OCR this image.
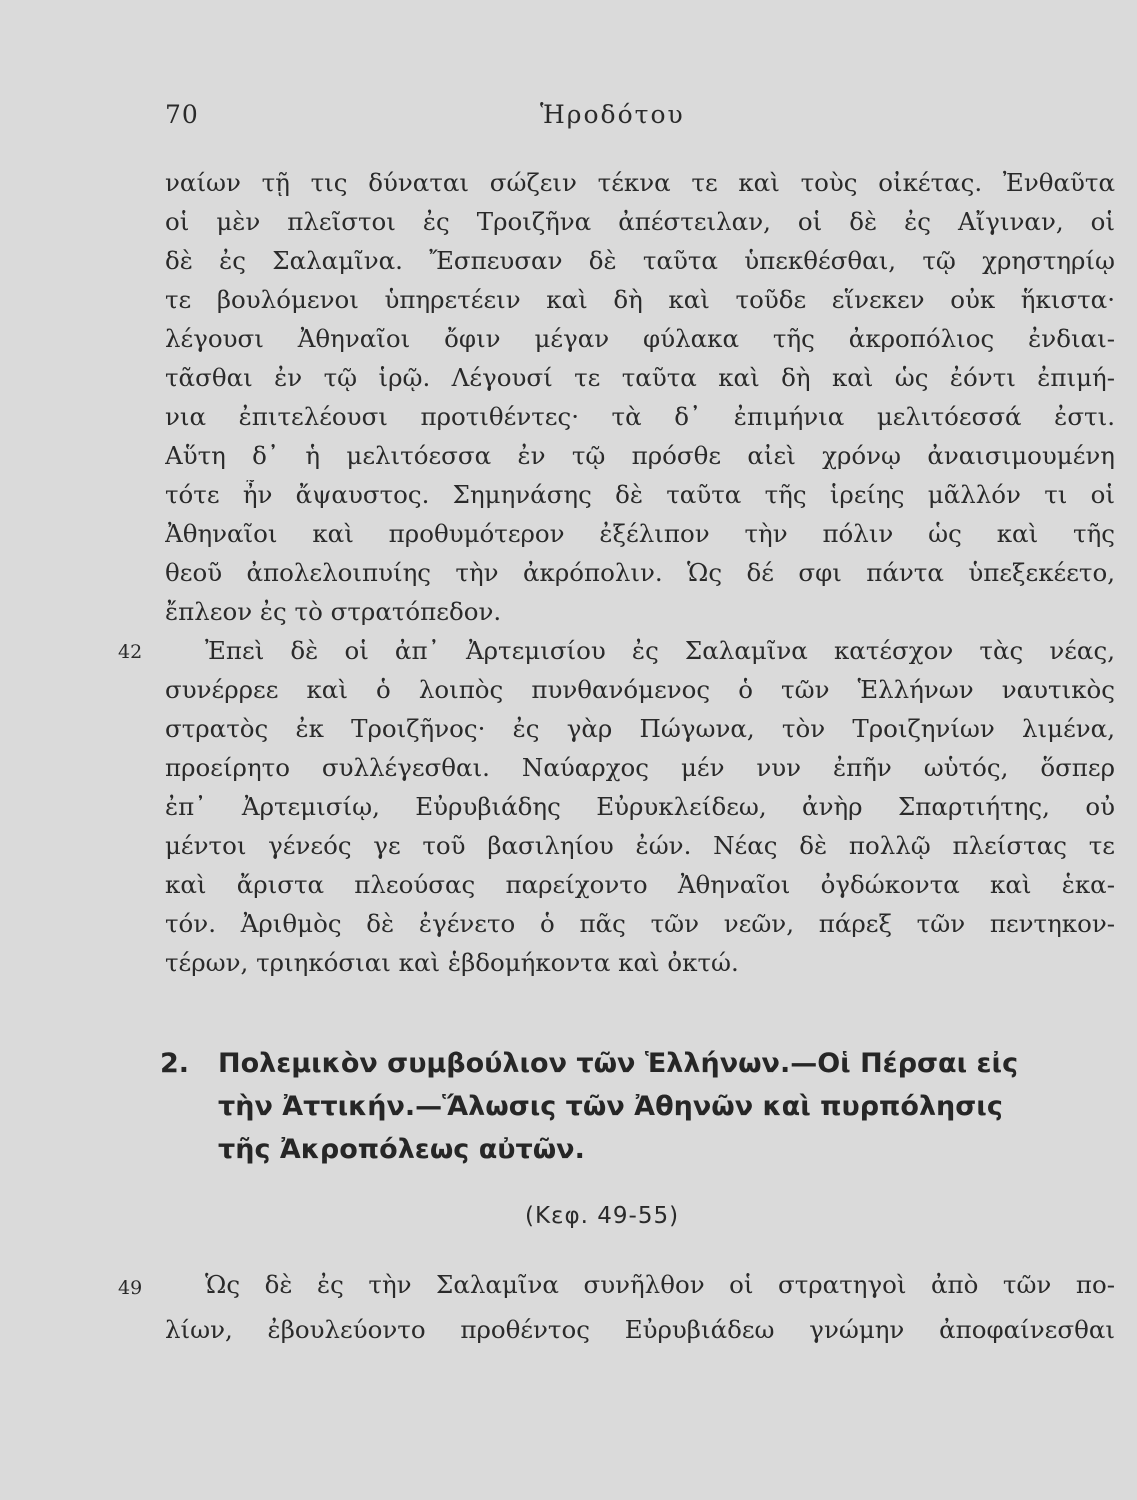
70	Ἡροδότου
ναίων τῇ τις δύναται σώζειν τέκνα τε καὶ τοὺς οἰκέτας. Ἐνθαῦτα
οἱ μὲν πλεῖστοι ἐς Τροιζῆνα ἀπέστειλαν, οἱ δὲ ἐς Αἴγιναν, οἱ
δὲ ἐς Σαλαμῖνα. Ἔσπευσαν δὲ ταῦτα ὑπεκθέσθαι, τῷ χρηστηρίῳ
τε βουλόμενοι ὑπηρετέειν καὶ δὴ καὶ τοῦδε εἵνεκεν οὐκ ἥκιστα·
λέγουσι Ἀθηναῖοι ὄφιν μέγαν φύλακα τῆς ἀκροπόλιος ἐνδιαι-
τᾶσθαι ἐν τῷ ἱρῷ. Λέγουσί τε ταῦτα καὶ δὴ καὶ ὡς ἐόντι ἐπιμή-
νια ἐπιτελέουσι προτιθέντες· τὰ δ᾿ ἐπιμήνια μελιτόεσσά ἐστι.
Αὕτη δ᾿ ἡ μελιτόεσσα ἐν τῷ πρόσθε αἰεὶ χρόνῳ ἀναισιμουμένη
τότε ἦν ἄψαυστος. Σημηνάσης δὲ ταῦτα τῆς ἱρείης μᾶλλόν τι οἱ
Ἀθηναῖοι καὶ προθυμότερον ἐξέλιπον τὴν πόλιν ὡς καὶ τῆς
θεοῦ ἀπολελοιπυίης τὴν ἀκρόπολιν. Ὡς δέ σφι πάντα ὑπεξεκέετο,
ἔπλεον ἐς τὸ στρατόπεδον.
42	Ἐπεὶ δὲ οἱ ἀπ᾿ Ἀρτεμισίου ἐς Σαλαμῖνα κατέσχον τὰς νέας,
συνέρρεε καὶ ὁ λοιπὸς πυνθανόμενος ὁ τῶν Ἑλλήνων ναυτικὸς
στρατὸς ἐκ Τροιζῆνος· ἐς γὰρ Πώγωνα, τὸν Τροιζηνίων λιμένα,
προείρητο συλλέγεσθαι. Ναύαρχος μέν νυν ἐπῆν ωὑτός, ὅσπερ
ἐπ᾿ Ἀρτεμισίῳ, Εὐρυβιάδης Εὐρυκλείδεω, ἀνὴρ Σπαρτιήτης, οὐ
μέντοι γένεός γε τοῦ βασιληίου ἐών. Νέας δὲ πολλῷ πλείστας τε
καὶ ἄριστα πλεούσας παρείχοντο Ἀθηναῖοι ὀγδώκοντα καὶ ἑκα-
τόν. Ἀριθμὸς δὲ ἐγένετο ὁ πᾶς τῶν νεῶν, πάρεξ τῶν πεντηκον-
τέρων, τριηκόσιαι καὶ ἑβδομήκοντα καὶ ὀκτώ.
2. Πολεμικὸν συμβούλιον τῶν Ἑλλήνων.—Οἱ Πέρσαι εἰς
τὴν Ἀττικήν.—Ἅλωσις τῶν Ἀθηνῶν καὶ πυρπόλησις
τῆς Ἀκροπόλεως αὐτῶν.
(Κεφ. 49-55)
49	Ὡς δὲ ἐς τὴν Σαλαμῖνα συνῆλθον οἱ στρατηγοὶ ἀπὸ τῶν πο-
λίων, ἐβουλεύοντο προθέντος Εὐρυβιάδεω γνώμην ἀποφαίνεσθαι
